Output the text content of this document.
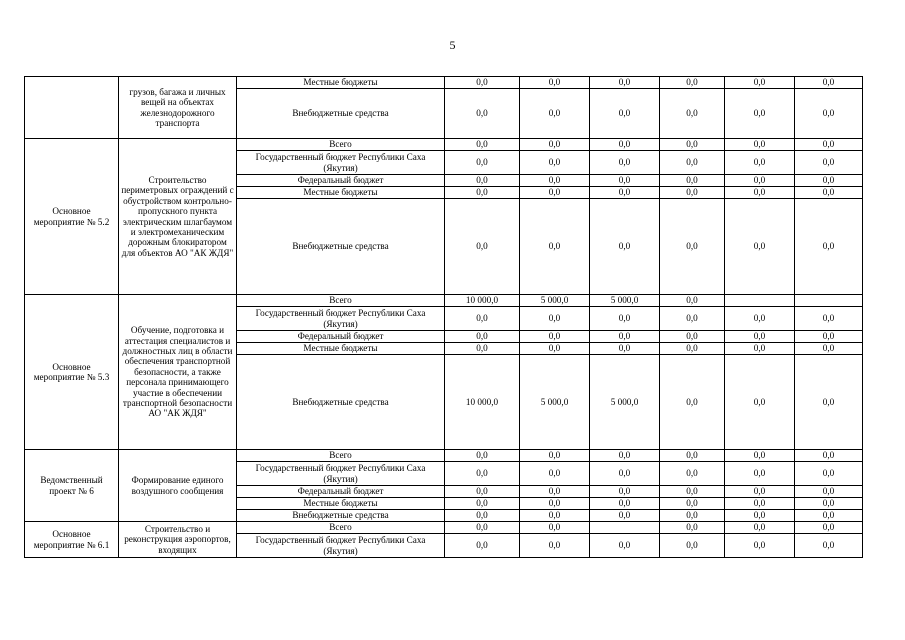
5
	грузов, багажа и личных вещей на объектах железнодорожного транспорта	Местные бюджеты	0,0	0,0	0,0	0,0	0,0	0,0
		Внебюджетные средства	0,0	0,0	0,0	0,0	0,0	0,0
Основное мероприятие № 5.2	Строительство периметровых ограждений с обустройством контрольно-пропускного пункта электрическим шлагбаумом и электромеханическим дорожным блокиратором для объектов АО "АК ЖДЯ"	Всего	0,0	0,0	0,0	0,0	0,0	0,0
		Государственный бюджет Республики Саха (Якутия)	0,0	0,0	0,0	0,0	0,0	0,0
		Федеральный бюджет	0,0	0,0	0,0	0,0	0,0	0,0
		Местные бюджеты	0,0	0,0	0,0	0,0	0,0	0,0
		Внебюджетные средства	0,0	0,0	0,0	0,0	0,0	0,0
Основное мероприятие № 5.3	Обучение, подготовка и аттестация специалистов и должностных лиц в области обеспечения транспортной безопасности, а также персонала принимающего участие в обеспечении транспортной безопасности АО "АК ЖДЯ"	Всего	10 000,0	5 000,0	5 000,0	0,0		
		Государственный бюджет Республики Саха (Якутия)	0,0	0,0	0,0	0,0	0,0	0,0
		Федеральный бюджет	0,0	0,0	0,0	0,0	0,0	0,0
		Местные бюджеты	0,0	0,0	0,0	0,0	0,0	0,0
		Внебюджетные средства	10 000,0	5 000,0	5 000,0	0,0	0,0	0,0
Ведомственный проект № 6	Формирование единого воздушного сообщения	Всего	0,0	0,0	0,0	0,0	0,0	0,0
		Государственный бюджет Республики Саха (Якутия)	0,0	0,0	0,0	0,0	0,0	0,0
		Федеральный бюджет	0,0	0,0	0,0	0,0	0,0	0,0
		Местные бюджеты	0,0	0,0	0,0	0,0	0,0	0,0
		Внебюджетные средства	0,0	0,0	0,0	0,0	0,0	0,0
Основное мероприятие № 6.1	Строительство и реконструкция аэропортов, входящих	Всего	0,0	0,0		0,0	0,0	0,0
		Государственный бюджет Республики Саха (Якутия)	0,0	0,0	0,0	0,0	0,0	0,0
